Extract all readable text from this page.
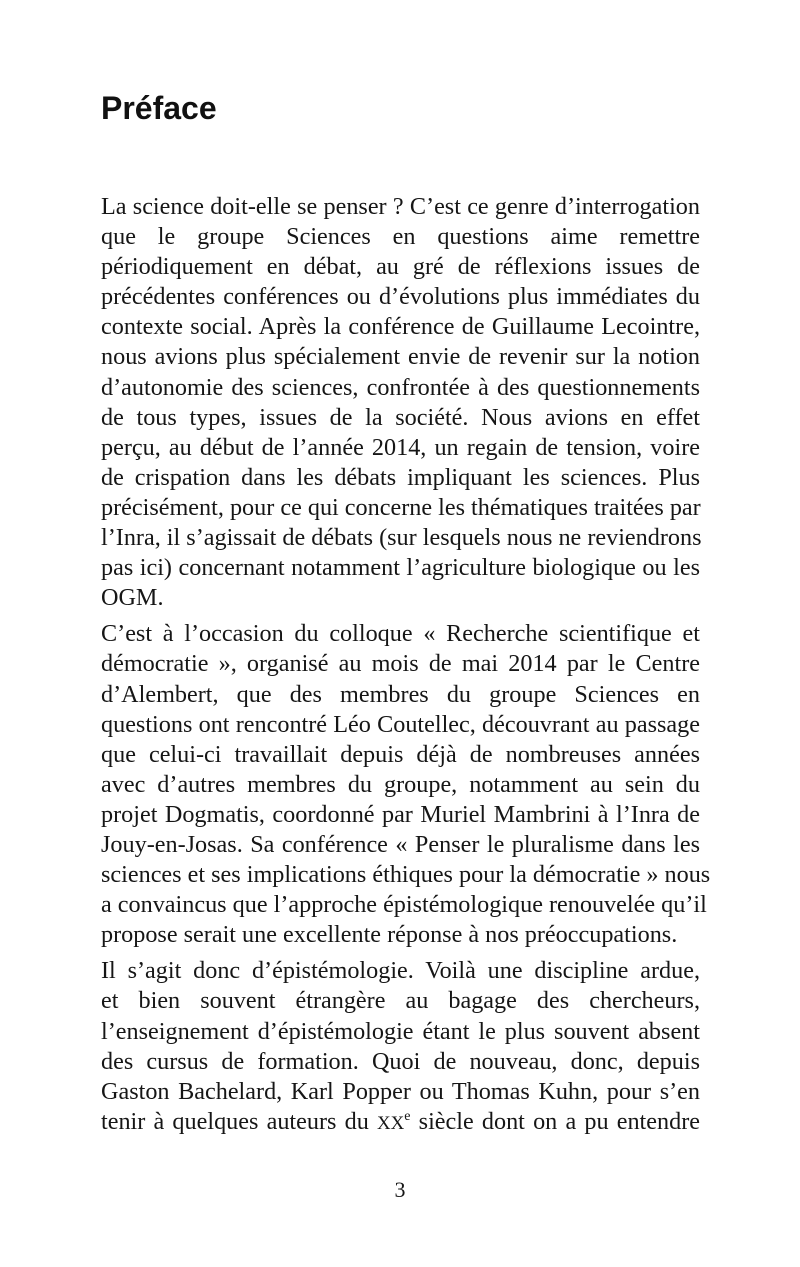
Préface
La science doit-elle se penser ? C’est ce genre d’interrogation
que le groupe Sciences en questions aime remettre
périodiquement en débat, au gré de réflexions issues de
précédentes conférences ou d’évolutions plus immédiates du
contexte social. Après la conférence de Guillaume Lecointre,
nous avions plus spécialement envie de revenir sur la notion
d’autonomie des sciences, confrontée à des questionnements
de tous types, issues de la société. Nous avions en effet
perçu, au début de l’année 2014, un regain de tension, voire
de crispation dans les débats impliquant les sciences. Plus
précisément, pour ce qui concerne les thématiques traitées par
l’Inra, il s’agissait de débats (sur lesquels nous ne reviendrons
pas ici) concernant notamment l’agriculture biologique ou les
OGM.
C’est à l’occasion du colloque « Recherche scientifique et
démocratie », organisé au mois de mai 2014 par le Centre
d’Alembert, que des membres du groupe Sciences en
questions ont rencontré Léo Coutellec, découvrant au passage
que celui-ci travaillait depuis déjà de nombreuses années
avec d’autres membres du groupe, notamment au sein du
projet Dogmatis, coordonné par Muriel Mambrini à l’Inra de
Jouy-en-Josas. Sa conférence « Penser le pluralisme dans les
sciences et ses implications éthiques pour la démocratie » nous
a convaincus que l’approche épistémologique renouvelée qu’il
propose serait une excellente réponse à nos préoccupations.
Il s’agit donc d’épistémologie. Voilà une discipline ardue,
et bien souvent étrangère au bagage des chercheurs,
l’enseignement d’épistémologie étant le plus souvent absent
des cursus de formation. Quoi de nouveau, donc, depuis
Gaston Bachelard, Karl Popper ou Thomas Kuhn, pour s’en
tenir à quelques auteurs du XXe siècle dont on a pu entendre
3
